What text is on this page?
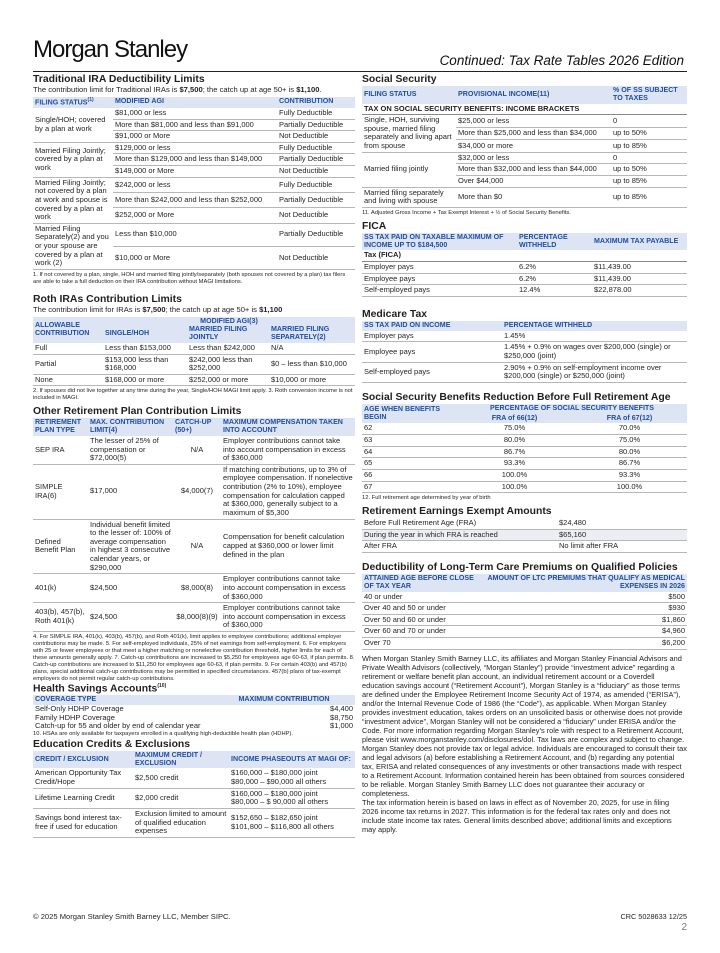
Morgan Stanley	Continued: Tax Rate Tables 2026 Edition
Traditional IRA Deductibility Limits
The contribution limit for Traditional IRAs is $7,500; the catch up at age 50+ is $1,100.
FILING STATUS$^{(1)}$	MODIFIED AGI	CONTRIBUTION
Single/HOH; covered by a plan at work	$81,000 or less	Fully Deductible
	More than $81,000 and less than $91,000	Partially Deductible
	$91,000 or More	Not Deductible
Married Filing Jointly; covered by a plan at work	$129,000 or less	Fully Deductible
	More than $129,000 and less than $149,000	Partially Deductible
	$149,000 or More	Not Deductible
Married Filing Jointly; not covered by a plan at work and spouse is covered by a plan at work	$242,000 or less	Fully Deductible
	More than $242,000 and less than $252,000	Partially Deductible
	$252,000 or More	Not Deductible
Married Filing Separately(2) and you or your spouse are covered by a plan at work (2)	Less than $10,000	Partially Deductible
	$10,000 or More	Not Deductible
1. If not covered by a plan, single, HOH and married filing jointly/separately (both spouses not covered by a plan) tax filers are able to take a full deduction on their IRA contribution without MAGI limitations.
Roth IRAs Contribution Limits
The contribution limit for IRAs is $7,500; the catch up at age 50+ is $1,100
ALLOWABLE CONTRIBUTION	MODIFIED AGI(3)		
	SINGLE/HOH	MARRIED FILING JOINTLY	MARRIED FILING SEPARATELY(2)
Full	Less than $153,000	Less than $242,000	N/A
Partial	$153,000 less than $168,000	$242,000 less than $252,000	$0 – less than $10,000
None	$168,000 or more	$252,000 or more	$10,000 or more
2. If spouses did not live together at any time during the year, Single/HOH MAGI limit apply. 3. Roth conversion income is not included in MAGI.
Other Retirement Plan Contribution Limits
RETIREMENT PLAN TYPE	MAX. CONTRIBUTION LIMIT(4)	CATCH-UP (50+)	MAXIMUM COMPENSATION TAKEN INTO ACCOUNT
SEP IRA	The lesser of 25% of compensation or $72,000(5)	N/A	Employer contributions cannot take into account compensation in excess of $360,000
SIMPLE IRA(6)	$17,000	$4,000(7)	If matching contributions, up to 3% of employee compensation. If nonelective contribution (2% to 10%), employee compensation for calculation capped at $360,000, generally subject to a maximum of $5,300
Defined Benefit Plan	Individual benefit limited to the lesser of: 100% of average compensation in highest 3 consecutive calendar years, or $290,000	N/A	Compensation for benefit calculation capped at $360,000 or lower limit defined in the plan
401(k)	$24,500	$8,000(8)	Employer contributions cannot take into account compensation in excess of $360,000
403(b), 457(b), Roth 401(k)	$24,500	$8,000(8)(9)	Employer contributions cannot take into account compensation in excess of $360,000
4. For SIMPLE IRA, 401(k), 403(b), 457(b), and Roth 401(k), limit applies to employee contributions; additional employer contributions may be made. 5. For self-employed individuals, 25% of net earnings from self-employment. 6. For employers with 25 or fewer employees or that meet a higher matching or nonelective contribution threshold, higher limits for each of these amounts generally apply. 7. Catch-up contributions are increased to $5,250 for employees age 60-63, if plan permits. 8. Catch-up contributions are increased to $11,250 for employees age 60-63, if plan permits. 9. For certain 403(b) and 457(b) plans, special additional catch-up contributions may be permitted in specified circumstances. 457(b) plans of tax-exempt employers do not permit regular catch-up contributions.
Health Savings Accounts$^{(10)}$
COVERAGE TYPE	MAXIMUM CONTRIBUTION
Self-Only HDHP Coverage	$4,400
Family HDHP Coverage	$8,750
Catch-up for 55 and older by end of calendar year	$1,000
10. HSAs are only available for taxpayers enrolled in a qualifying high-deductible health plan (HDHP).
Education Credits & Exclusions
CREDIT / EXCLUSION	MAXIMUM CREDIT / EXCLUSION	INCOME PHASEOUTS AT MAGI OF:
American Opportunity Tax Credit/Hope	$2,500 credit	$160,000 – $180,000 joint
$80,000 – $90,000 all others
Lifetime Learning Credit	$2,000 credit	$160,000 – $180,000 joint
$80,000 – $ 90,000 all others
Savings bond interest tax-free if used for education	Exclusion limited to amount of qualified education expenses	$152,650 – $182,650 joint
$101,800 – $116,800 all others
Social Security
FILING STATUS	PROVISIONAL INCOME(11)	% OF SS SUBJECT TO TAXES
TAX ON SOCIAL SECURITY BENEFITS: INCOME BRACKETS		
Single, HOH, surviving spouse, married filing separately and living apart from spouse	$25,000 or less	0
	More than $25,000 and less than $34,000	up to 50%
	$34,000 or more	up to 85%
Married filing jointly	$32,000 or less	0
	More than $32,000 and less than $44,000	up to 50%
	Over $44,000	up to 85%
Married filing separately and living with spouse	More than $0	up to 85%
11. Adjusted Gross Income + Tax Exempt Interest + ½ of Social Security Benefits.
FICA
SS TAX PAID ON TAXABLE MAXIMUM OF INCOME UP TO $184,500	PERCENTAGE WITHHELD	MAXIMUM TAX PAYABLE
Tax (FICA)		
Employer pays	6.2%	$11,439.00
Employee pays	6.2%	$11,439.00
Self-employed pays	12.4%	$22,878.00
Medicare Tax
SS TAX PAID ON INCOME	PERCENTAGE WITHHELD
Employer pays	1.45%
Employee pays	1.45% + 0.9% on wages over $200,000 (single) or $250,000 (joint)
Self-employed pays	2.90% + 0.9% on self-employment income over $200,000 (single) or $250,000 (joint)
Social Security Benefits Reduction Before Full Retirement Age
AGE WHEN BENEFITS BEGIN	PERCENTAGE OF SOCIAL SECURITY BENEFITS	
	FRA of 66(12)	FRA of 67(12)
62	75.0%	70.0%
63	80.0%	75.0%
64	86.7%	80.0%
65	93.3%	86.7%
66	100.0%	93.3%
67	100.0%	100.0%
12. Full retirement age determined by year of birth
Retirement Earnings Exempt Amounts
Before Full Retirement Age (FRA)	$24,480
During the year in which FRA is reached	$65,160
After FRA	No limit after FRA
Deductibility of Long-Term Care Premiums on Qualified Policies
ATTAINED AGE BEFORE CLOSE OF TAX YEAR	AMOUNT OF LTC PREMIUMS THAT QUALIFY AS MEDICAL EXPENSES IN 2026
40 or under	$500
Over 40 and 50 or under	$930
Over 50 and 60 or under	$1,860
Over 60 and 70 or under	$4,960
Over 70	$6,200
When Morgan Stanley Smith Barney LLC, its affiliates and Morgan Stanley Financial Advisors and Private Wealth Advisors (collectively, “Morgan Stanley”) provide “investment advice” regarding a retirement or welfare benefit plan account, an individual retirement account or a Coverdell education savings account (“Retirement Account”), Morgan Stanley is a “fiduciary” as those terms are defined under the Employee Retirement Income Security Act of 1974, as amended (“ERISA”), and/or the Internal Revenue Code of 1986 (the “Code”), as applicable. When Morgan Stanley provides investment education, takes orders on an unsolicited basis or otherwise does not provide “investment advice”, Morgan Stanley will not be considered a “fiduciary” under ERISA and/or the Code. For more information regarding Morgan Stanley’s role with respect to a Retirement Account, please visit www.morganstanley.com/disclosures/dol. Tax laws are complex and subject to change. Morgan Stanley does not provide tax or legal advice. Individuals are encouraged to consult their tax and legal advisors (a) before establishing a Retirement Account, and (b) regarding any potential tax, ERISA and related consequences of any investments or other transactions made with respect to a Retirement Account. Information contained herein has been obtained from sources considered to be reliable. Morgan Stanley Smith Barney LLC does not guarantee their accuracy or completeness.
The tax information herein is based on laws in effect as of November 20, 2025, for use in filing 2026 income tax returns in 2027. This information is for the federal tax rates only and does not include state income tax rates. General limits described above; additional limits and exceptions may apply.
© 2025 Morgan Stanley Smith Barney LLC, Member SIPC.	CRC 5028633 12/25
2
